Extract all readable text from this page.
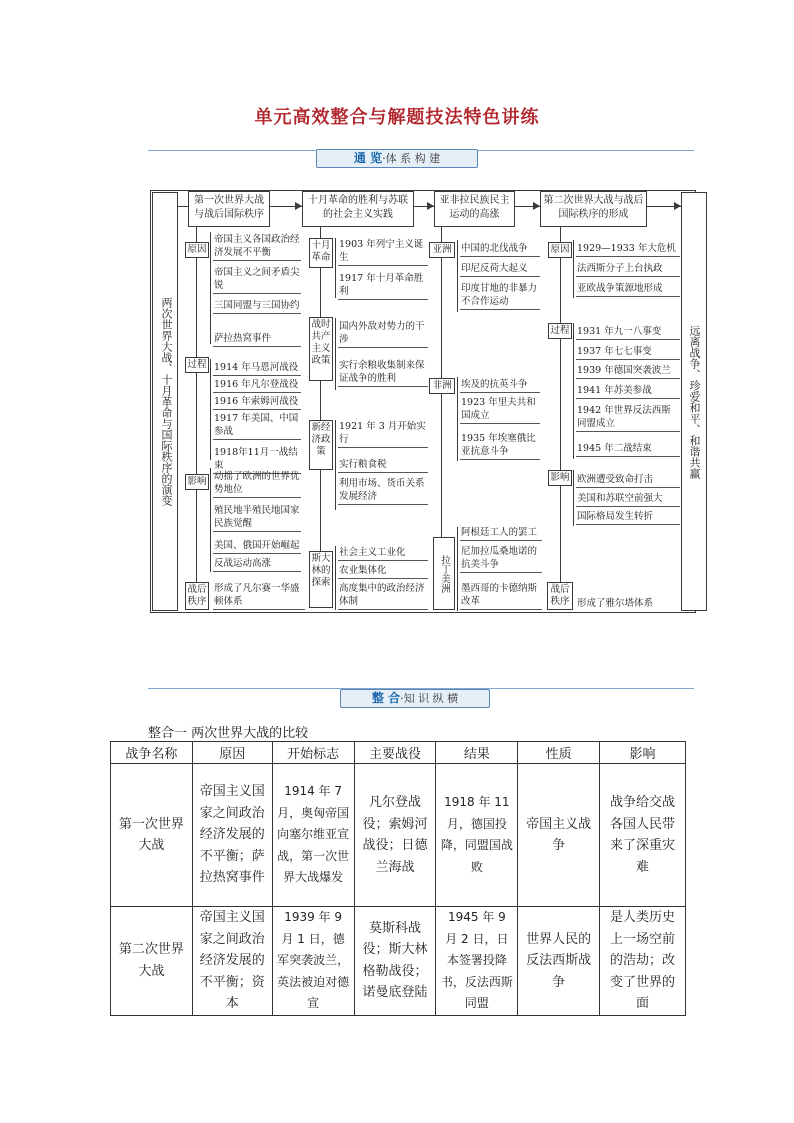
单元高效整合与解题技法特色讲练
通 览·体 系 构 建
两次世界大战、十月革命与国际秩序的演变	远离战争、珍爱和平、和谐共赢
第一次世界大战与战后国际秩序
十月革命的胜利与苏联的社会主义实践
亚非拉民族民主运动的高涨
第二次世界大战与战后国际秩序的形成
原因
过程
影响
战后秩序
帝国主义各国政治经济发展不平衡
帝国主义之间矛盾尖锐
三国同盟与三国协约
萨拉热窝事件
1914 年马恩河战役
1916 年凡尔登战役
1916 年索姆河战役
1917 年美国、中国参战
1918年11月一战结束
动摇了欧洲的世界优势地位
殖民地半殖民地国家民族觉醒
美国、俄国开始崛起
反战运动高涨
形成了凡尔赛一华盛顿体系
十月革命
战时共产主义政策
新经济政策
斯大林的探索
1903 年列宁主义诞生
1917 年十月革命胜利
国内外敌对势力的干涉
实行余粮收集制来保证战争的胜利
1921 年 3 月开始实行
实行粮食税
利用市场、货币关系发展经济
社会主义工业化
农业集体化
高度集中的政治经济体制
亚洲
非洲
拉丁美洲
中国的北伐战争
印尼反荷大起义
印度甘地的非暴力不合作运动
埃及的抗英斗争
1923 年里夫共和国成立
1935 年埃塞俄比亚抗意斗争
阿根廷工人的罢工
尼加拉瓜桑地诺的抗美斗争
墨西哥的卡德纳斯改革
原因
过程
影响
战后秩序
1929—1933 年大危机
法西斯分子上台执政
亚欧战争策源地形成
1931 年九一八事变
1937 年七七事变
1939 年德国突袭波兰
1941 年苏美参战
1942 年世界反法西斯同盟成立
1945 年二战结束
欧洲遭受致命打击
美国和苏联空前强大
国际格局发生转折
形成了雅尔塔体系
整 合·知 识 纵 横
整合一 两次世界大战的比较
战争名称	原因	开始标志	主要战役	结果	性质	影响
第一次世界大战	帝国主义国家之间政治经济发展的不平衡；萨拉热窝事件	1914 年 7 月，奥匈帝国向塞尔维亚宣战，第一次世界大战爆发	凡尔登战役；索姆河战役；日德兰海战	1918 年 11 月，德国投降，同盟国战败	帝国主义战争	战争给交战各国人民带来了深重灾难
第二次世界大战	帝国主义国家之间政治经济发展的不平衡；资本	1939 年 9 月 1 日，德军突袭波兰，英法被迫对德宣	莫斯科战役；斯大林格勒战役；诺曼底登陆	1945 年 9 月 2 日，日本签署投降书，反法西斯同盟	世界人民的反法西斯战争	是人类历史上一场空前的浩劫；改变了世界的面
